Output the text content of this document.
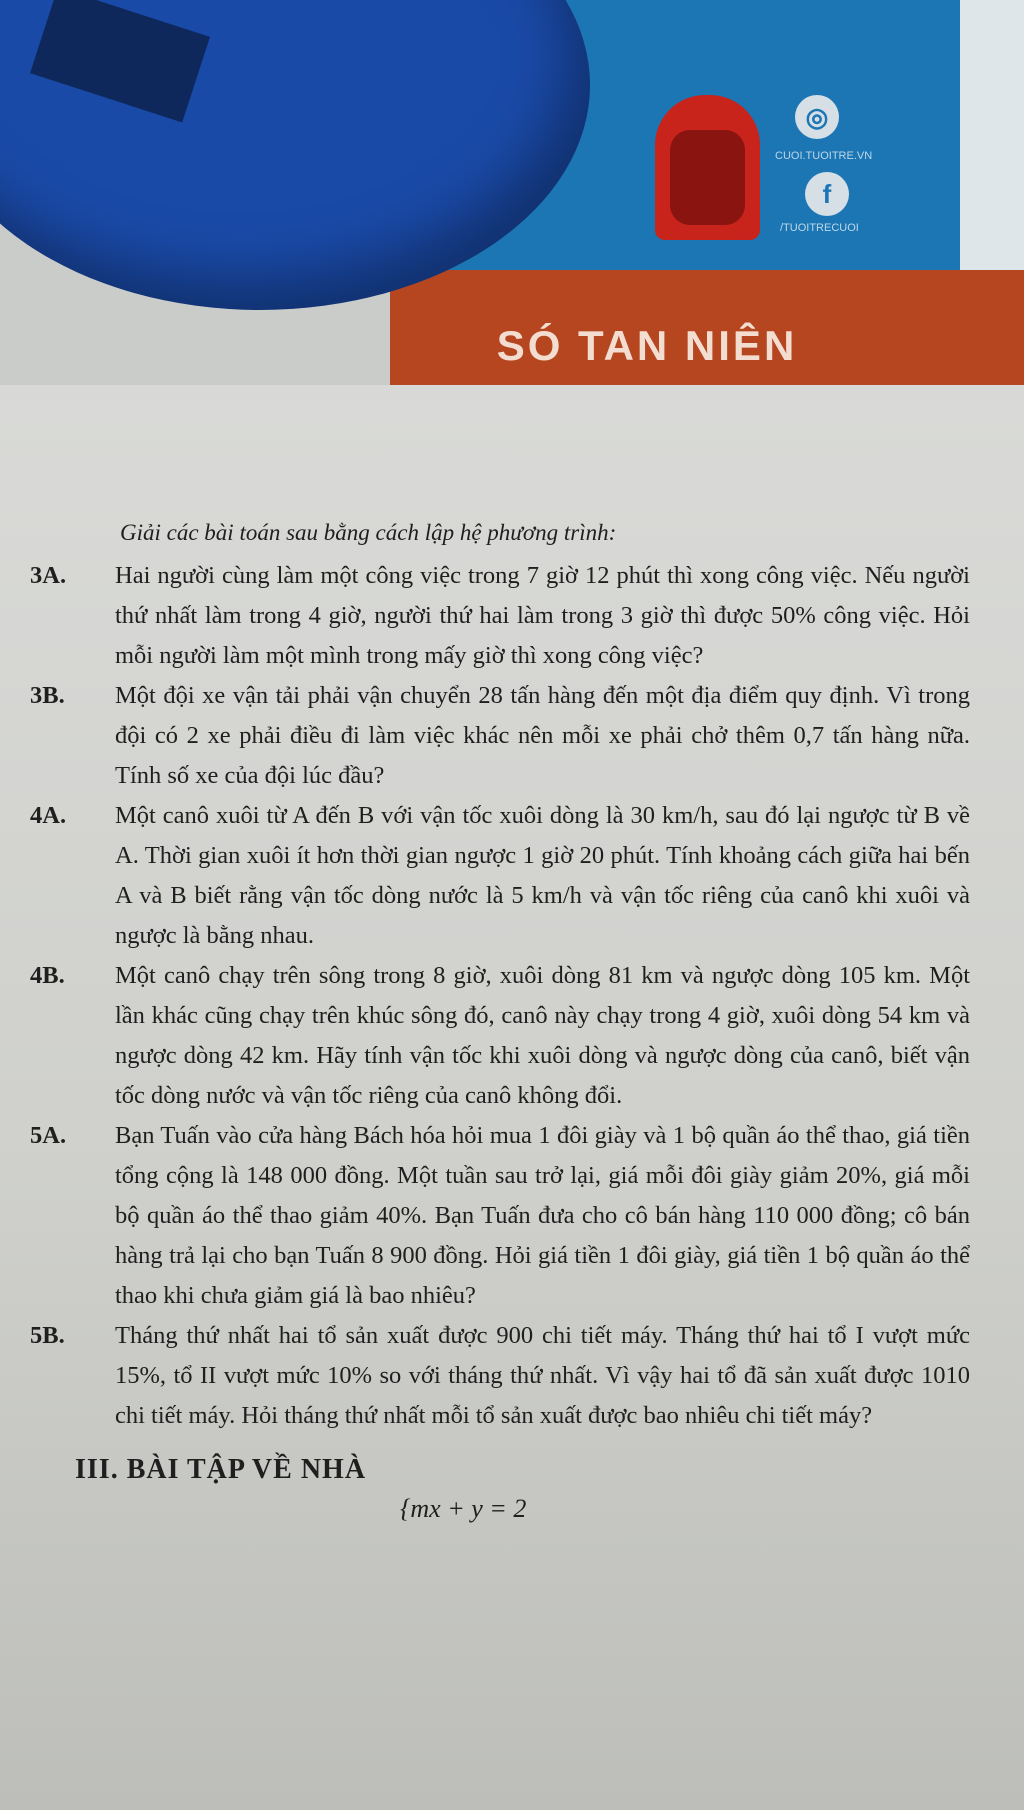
◎
CUOI.TUOITRE.VN
f
/TUOITRECUOI
SÓ TAN NIÊN

Giải các bài toán sau bằng cách lập hệ phương trình:

3A. Hai người cùng làm một công việc trong 7 giờ 12 phút thì xong công việc. Nếu người thứ nhất làm trong 4 giờ, người thứ hai làm trong 3 giờ thì được 50% công việc. Hỏi mỗi người làm một mình trong mấy giờ thì xong công việc?
3B. Một đội xe vận tải phải vận chuyển 28 tấn hàng đến một địa điểm quy định. Vì trong đội có 2 xe phải điều đi làm việc khác nên mỗi xe phải chở thêm 0,7 tấn hàng nữa. Tính số xe của đội lúc đầu?
4A. Một canô xuôi từ A đến B với vận tốc xuôi dòng là 30 km/h, sau đó lại ngược từ B về A. Thời gian xuôi ít hơn thời gian ngược 1 giờ 20 phút. Tính khoảng cách giữa hai bến A và B biết rằng vận tốc dòng nước là 5 km/h và vận tốc riêng của canô khi xuôi và ngược là bằng nhau.
4B. Một canô chạy trên sông trong 8 giờ, xuôi dòng 81 km và ngược dòng 105 km. Một lần khác cũng chạy trên khúc sông đó, canô này chạy trong 4 giờ, xuôi dòng 54 km và ngược dòng 42 km. Hãy tính vận tốc khi xuôi dòng và ngược dòng của canô, biết vận tốc dòng nước và vận tốc riêng của canô không đổi.
5A. Bạn Tuấn vào cửa hàng Bách hóa hỏi mua 1 đôi giày và 1 bộ quần áo thể thao, giá tiền tổng cộng là 148 000 đồng. Một tuần sau trở lại, giá mỗi đôi giày giảm 20%, giá mỗi bộ quần áo thể thao giảm 40%. Bạn Tuấn đưa cho cô bán hàng 110 000 đồng; cô bán hàng trả lại cho bạn Tuấn 8 900 đồng. Hỏi giá tiền 1 đôi giày, giá tiền 1 bộ quần áo thể thao khi chưa giảm giá là bao nhiêu?
5B. Tháng thứ nhất hai tổ sản xuất được 900 chi tiết máy. Tháng thứ hai tổ I vượt mức 15%, tổ II vượt mức 10% so với tháng thứ nhất. Vì vậy hai tổ đã sản xuất được 1010 chi tiết máy. Hỏi tháng thứ nhất mỗi tổ sản xuất được bao nhiêu chi tiết máy?
III. BÀI TẬP VỀ NHÀ
{mx + y = 2
